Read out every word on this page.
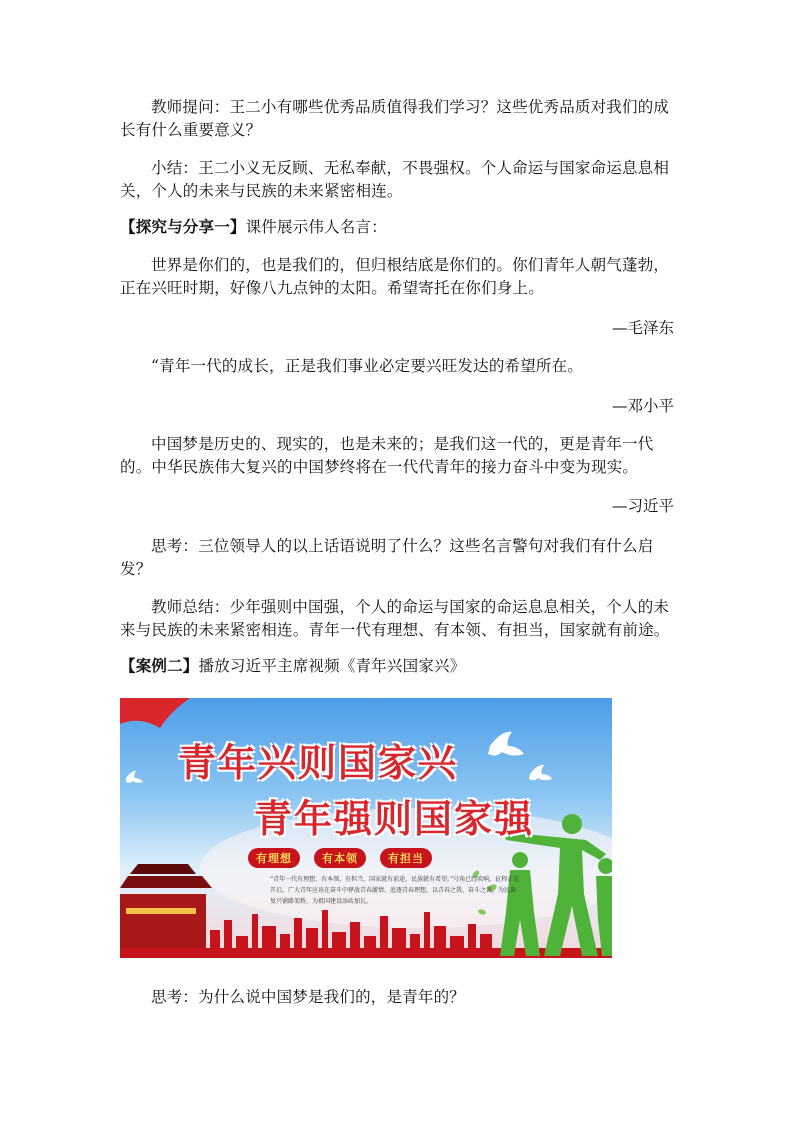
教师提问：王二小有哪些优秀品质值得我们学习？这些优秀品质对我们的成长有什么重要意义？

小结：王二小义无反顾、无私奉献，不畏强权。个人命运与国家命运息息相关，个人的未来与民族的未来紧密相连。

【探究与分享一】课件展示伟人名言：

世界是你们的，也是我们的，但归根结底是你们的。你们青年人朝气蓬勃，正在兴旺时期，好像八九点钟的太阳。希望寄托在你们身上。

—毛泽东

“青年一代的成长，正是我们事业必定要兴旺发达的希望所在。

—邓小平

中国梦是历史的、现实的，也是未来的；是我们这一代的，更是青年一代的。中华民族伟大复兴的中国梦终将在一代代青年的接力奋斗中变为现实。

—习近平

思考：三位领导人的以上话语说明了什么？这些名言警句对我们有什么启发？

教师总结：少年强则中国强，个人的命运与国家的命运息息相关，个人的未来与民族的未来紧密相连。青年一代有理想、有本领、有担当，国家就有前途。

【案例二】播放习近平主席视频《青年兴国家兴》

青年兴则国家兴
青年强则国家强
有理想	有本领	有担当
“青年一代有理想、有本领、有担当，国家就有前途，民族就有希望。”号角已经吹响，征程正在开启。广大青年应该在奋斗中释放青春激情、追逐青春理想，以青春之我、奋斗之我，为民族复兴铺路架桥，为祖国建设添砖加瓦。

思考：为什么说中国梦是我们的，是青年的？
